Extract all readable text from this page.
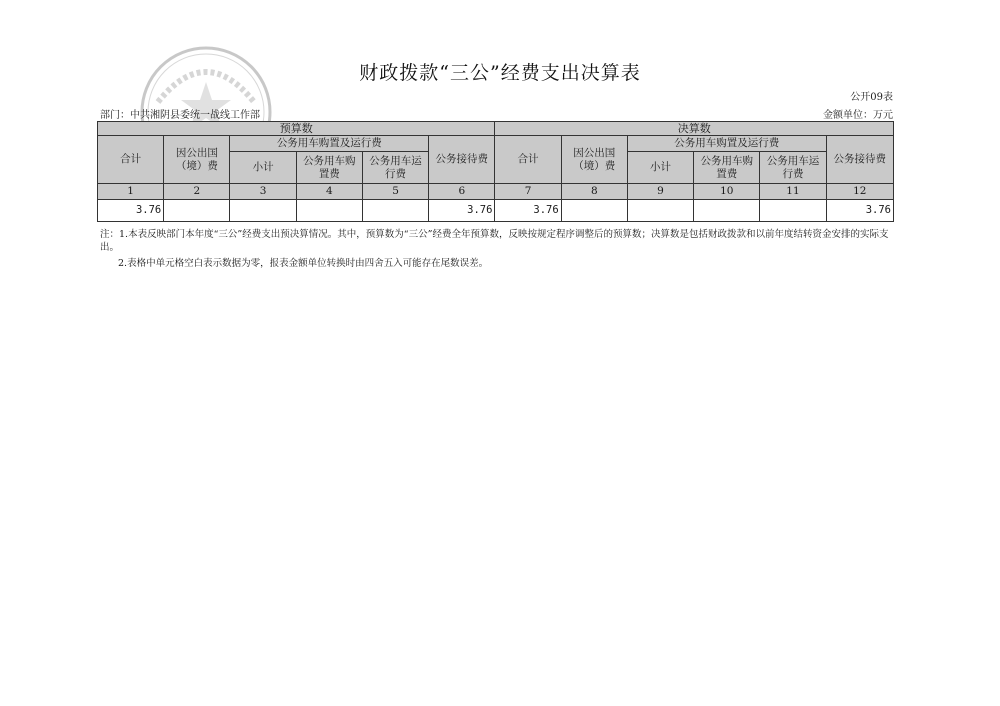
财政拨款“三公”经费支出决算表
公开09表
部门：中共湘阴县委统一战线工作部	金额单位：万元
预算数						决算数					
合计	因公出国（境）费	公务用车购置及运行费			公务接待费	合计	因公出国（境）费	公务用车购置及运行费			公务接待费
		小计	公务用车购置费	公务用车运行费				小计	公务用车购置费	公务用车运行费	
1	2	3	4	5	6	7	8	9	10	11	12
3.76					3.76	3.76					3.76
注：1.本表反映部门本年度“三公”经费支出预决算情况。其中，预算数为“三公”经费全年预算数，反映按规定程序调整后的预算数；决算数是包括财政拨款和以前年度结转资金安排的实际支出。
2.表格中单元格空白表示数据为零，报表金额单位转换时由四舍五入可能存在尾数误差。
